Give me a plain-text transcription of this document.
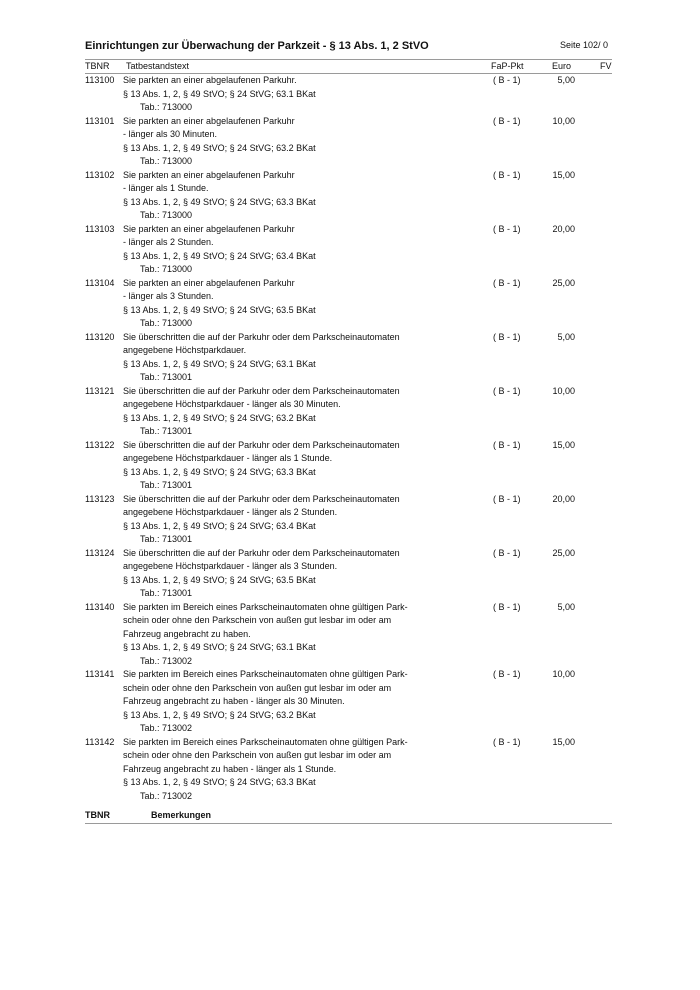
Einrichtungen zur Überwachung der Parkzeit - § 13 Abs. 1, 2 StVO	Seite 102/ 0
TBNR Tatbestandstext	FaP-Pkt	Euro	FV
113100 Sie parkten an einer abgelaufenen Parkuhr.
§ 13 Abs. 1, 2, § 49 StVO; § 24 StVG; 63.1 BKat
Tab.: 713000
( B - 1)	5,00
113101 Sie parkten an einer abgelaufenen Parkuhr
- länger als 30 Minuten.
§ 13 Abs. 1, 2, § 49 StVO; § 24 StVG; 63.2 BKat
Tab.: 713000
( B - 1)	10,00
113102 Sie parkten an einer abgelaufenen Parkuhr
- länger als 1 Stunde.
§ 13 Abs. 1, 2, § 49 StVO; § 24 StVG; 63.3 BKat
Tab.: 713000
( B - 1)	15,00
113103 Sie parkten an einer abgelaufenen Parkuhr
- länger als 2 Stunden.
§ 13 Abs. 1, 2, § 49 StVO; § 24 StVG; 63.4 BKat
Tab.: 713000
( B - 1)	20,00
113104 Sie parkten an einer abgelaufenen Parkuhr
- länger als 3 Stunden.
§ 13 Abs. 1, 2, § 49 StVO; § 24 StVG; 63.5 BKat
Tab.: 713000
( B - 1)	25,00
113120 Sie überschritten die auf der Parkuhr oder dem Parkscheinautomaten
angegebene Höchstparkdauer.
§ 13 Abs. 1, 2, § 49 StVO; § 24 StVG; 63.1 BKat
Tab.: 713001
( B - 1)	5,00
113121 Sie überschritten die auf der Parkuhr oder dem Parkscheinautomaten
angegebene Höchstparkdauer - länger als 30 Minuten.
§ 13 Abs. 1, 2, § 49 StVO; § 24 StVG; 63.2 BKat
Tab.: 713001
( B - 1)	10,00
113122 Sie überschritten die auf der Parkuhr oder dem Parkscheinautomaten
angegebene Höchstparkdauer - länger als 1 Stunde.
§ 13 Abs. 1, 2, § 49 StVO; § 24 StVG; 63.3 BKat
Tab.: 713001
( B - 1)	15,00
113123 Sie überschritten die auf der Parkuhr oder dem Parkscheinautomaten
angegebene Höchstparkdauer - länger als 2 Stunden.
§ 13 Abs. 1, 2, § 49 StVO; § 24 StVG; 63.4 BKat
Tab.: 713001
( B - 1)	20,00
113124 Sie überschritten die auf der Parkuhr oder dem Parkscheinautomaten
angegebene Höchstparkdauer - länger als 3 Stunden.
§ 13 Abs. 1, 2, § 49 StVO; § 24 StVG; 63.5 BKat
Tab.: 713001
( B - 1)	25,00
113140 Sie parkten im Bereich eines Parkscheinautomaten ohne gültigen Park-
schein oder ohne den Parkschein von außen gut lesbar im oder am
Fahrzeug angebracht zu haben.
§ 13 Abs. 1, 2, § 49 StVO; § 24 StVG; 63.1 BKat
Tab.: 713002
( B - 1)	5,00
113141 Sie parkten im Bereich eines Parkscheinautomaten ohne gültigen Park-
schein oder ohne den Parkschein von außen gut lesbar im oder am
Fahrzeug angebracht zu haben - länger als 30 Minuten.
§ 13 Abs. 1, 2, § 49 StVO; § 24 StVG; 63.2 BKat
Tab.: 713002
( B - 1)	10,00
113142 Sie parkten im Bereich eines Parkscheinautomaten ohne gültigen Park-
schein oder ohne den Parkschein von außen gut lesbar im oder am
Fahrzeug angebracht zu haben - länger als 1 Stunde.
§ 13 Abs. 1, 2, § 49 StVO; § 24 StVG; 63.3 BKat
Tab.: 713002
( B - 1)	15,00
TBNR	Bemerkungen
